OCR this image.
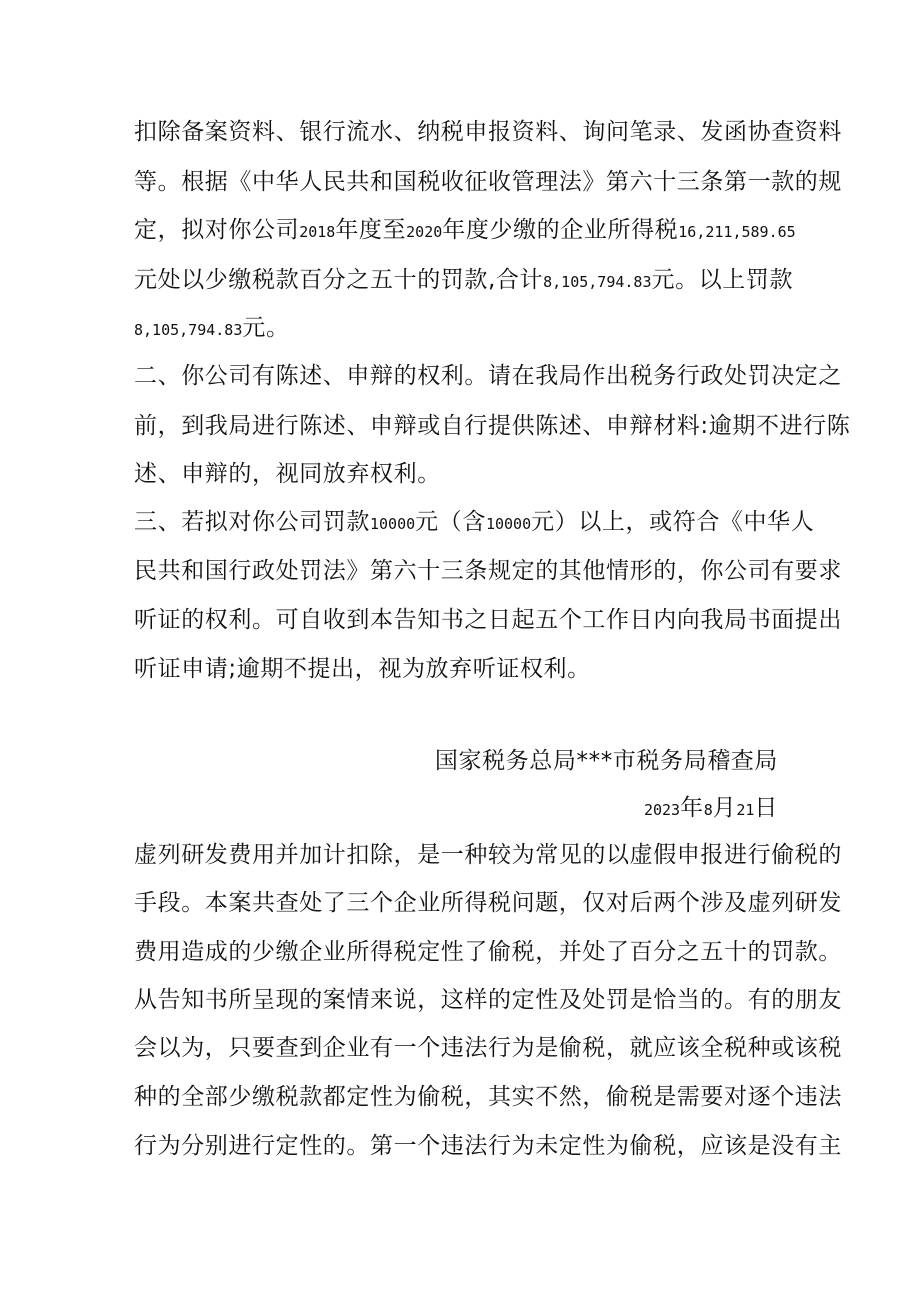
扣除备案资料、银行流水、纳税申报资料、询问笔录、发函协查资料
等。根据《中华人民共和国税收征收管理法》第六十三条第一款的规
定，拟对你公司2018年度至2020年度少缴的企业所得税16,211,589.65
元处以少缴税款百分之五十的罚款,合计8,105,794.83元。以上罚款
8,105,794.83元。
二、你公司有陈述、申辩的权利。请在我局作出税务行政处罚决定之
前，到我局进行陈述、申辩或自行提供陈述、申辩材料:逾期不进行陈
述、申辩的，视同放弃权利。
三、若拟对你公司罚款10000元（含10000元）以上，或符合《中华人
民共和国行政处罚法》第六十三条规定的其他情形的，你公司有要求
听证的权利。可自收到本告知书之日起五个工作日内向我局书面提出
听证申请;逾期不提出，视为放弃听证权利。
国家税务总局***市税务局稽查局
2023年8月21日
虚列研发费用并加计扣除，是一种较为常见的以虚假申报进行偷税的
手段。本案共查处了三个企业所得税问题，仅对后两个涉及虚列研发
费用造成的少缴企业所得税定性了偷税，并处了百分之五十的罚款。
从告知书所呈现的案情来说，这样的定性及处罚是恰当的。有的朋友
会以为，只要查到企业有一个违法行为是偷税，就应该全税种或该税
种的全部少缴税款都定性为偷税，其实不然，偷税是需要对逐个违法
行为分别进行定性的。第一个违法行为未定性为偷税，应该是没有主
